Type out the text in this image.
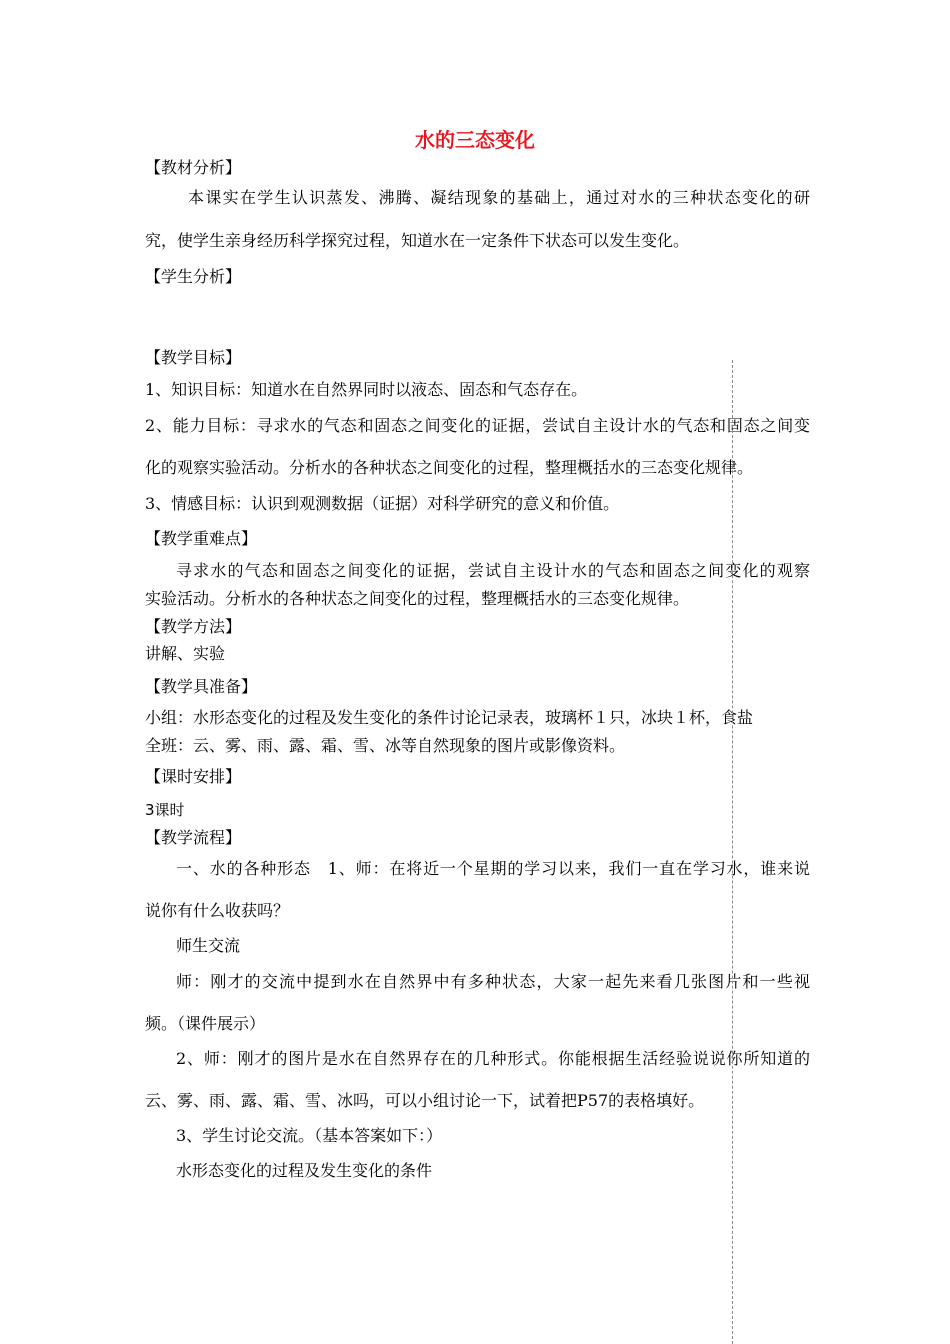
水的三态变化
【教材分析】
本课实在学生认识蒸发、沸腾、凝结现象的基础上，通过对水的三种状态变化的研
究，使学生亲身经历科学探究过程，知道水在一定条件下状态可以发生变化。
【学生分析】
【教学目标】
1、知识目标：知道水在自然界同时以液态、固态和气态存在。
2、能力目标：寻求水的气态和固态之间变化的证据，尝试自主设计水的气态和固态之间变
化的观察实验活动。分析水的各种状态之间变化的过程，整理概括水的三态变化规律。
3、情感目标：认识到观测数据（证据）对科学研究的意义和价值。
【教学重难点】
寻求水的气态和固态之间变化的证据，尝试自主设计水的气态和固态之间变化的观察
实验活动。分析水的各种状态之间变化的过程，整理概括水的三态变化规律。
【教学方法】
讲解、实验
【教学具准备】
小组：水形态变化的过程及发生变化的条件讨论记录表，玻璃杯１只，冰块１杯，食盐
全班：云、雾、雨、露、霜、雪、冰等自然现象的图片或影像资料。
【课时安排】
3课时
【教学流程】
一、水的各种形态　1、师：在将近一个星期的学习以来，我们一直在学习水，谁来说
说你有什么收获吗？
师生交流
师：刚才的交流中提到水在自然界中有多种状态，大家一起先来看几张图片和一些视
频。（课件展示）
2、师：刚才的图片是水在自然界存在的几种形式。你能根据生活经验说说你所知道的
云、雾、雨、露、霜、雪、冰吗，可以小组讨论一下，试着把P57的表格填好。
3、学生讨论交流。（基本答案如下：）
水形态变化的过程及发生变化的条件
